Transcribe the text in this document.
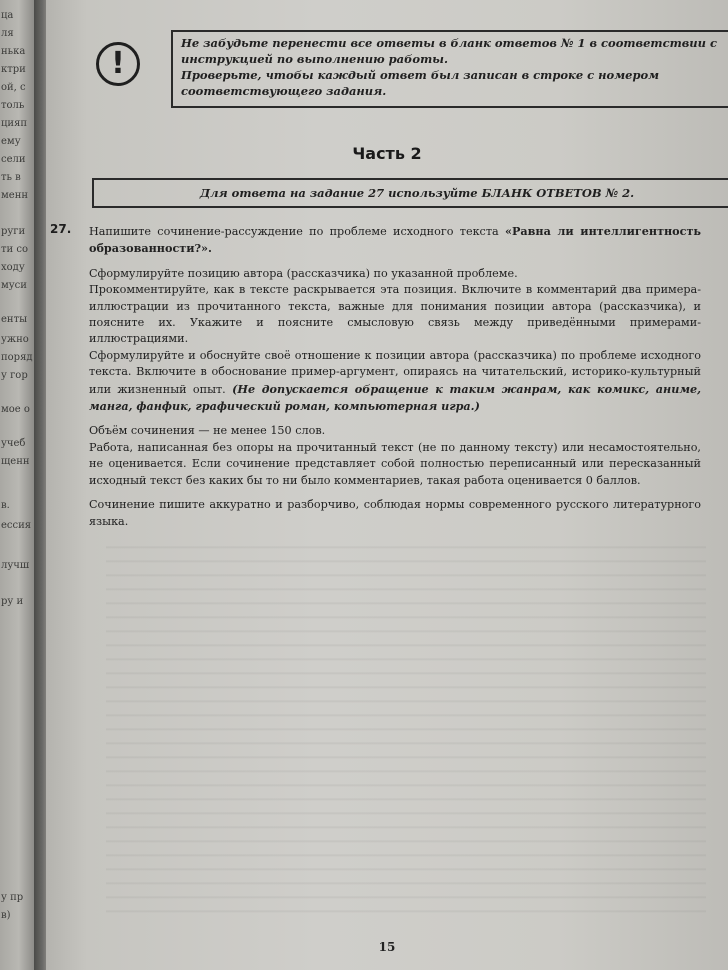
ца
ля
нька
ктри
ой, с
толь
цияп
ему
сели
ть в
менн
руги
ти со
ходу
муси
енты
ужно
поряд
у гор
мое о
учеб
щенн
в.
ессия
лучш
ру и
у пр
в)
!

Не забудьте перенести все ответы в бланк ответов № 1 в соответствии с инструкцией по выполнению работы.

Проверьте, чтобы каждый ответ был записан в строке с номером соответствующего задания.

Часть 2
Для ответа на задание 27 используйте БЛАНК ОТВЕТОВ № 2.
27. Напишите сочинение-рассуждение по проблеме исходного текста «Равна ли интеллигентность образованности?».

Сформулируйте позицию автора (рассказчика) по указанной проблеме.

Прокомментируйте, как в тексте раскрывается эта позиция. Включите в комментарий два примера-иллюстрации из прочитанного текста, важные для понимания позиции автора (рассказчика), и поясните их. Укажите и поясните смысловую связь между приведёнными примерами-иллюстрациями.

Сформулируйте и обоснуйте своё отношение к позиции автора (рассказчика) по проблеме исходного текста. Включите в обоснование пример-аргумент, опираясь на читательский, историко-культурный или жизненный опыт. (Не допускается обращение к таким жанрам, как комикс, аниме, манга, фанфик, графический роман, компьютерная игра.)

Объём сочинения — не менее 150 слов.

Работа, написанная без опоры на прочитанный текст (не по данному тексту) или несамостоятельно, не оценивается. Если сочинение представляет собой полностью переписанный или пересказанный исходный текст без каких бы то ни было комментариев, такая работа оценивается 0 баллов.

Сочинение пишите аккуратно и разборчиво, соблюдая нормы современного русского литературного языка.

15
